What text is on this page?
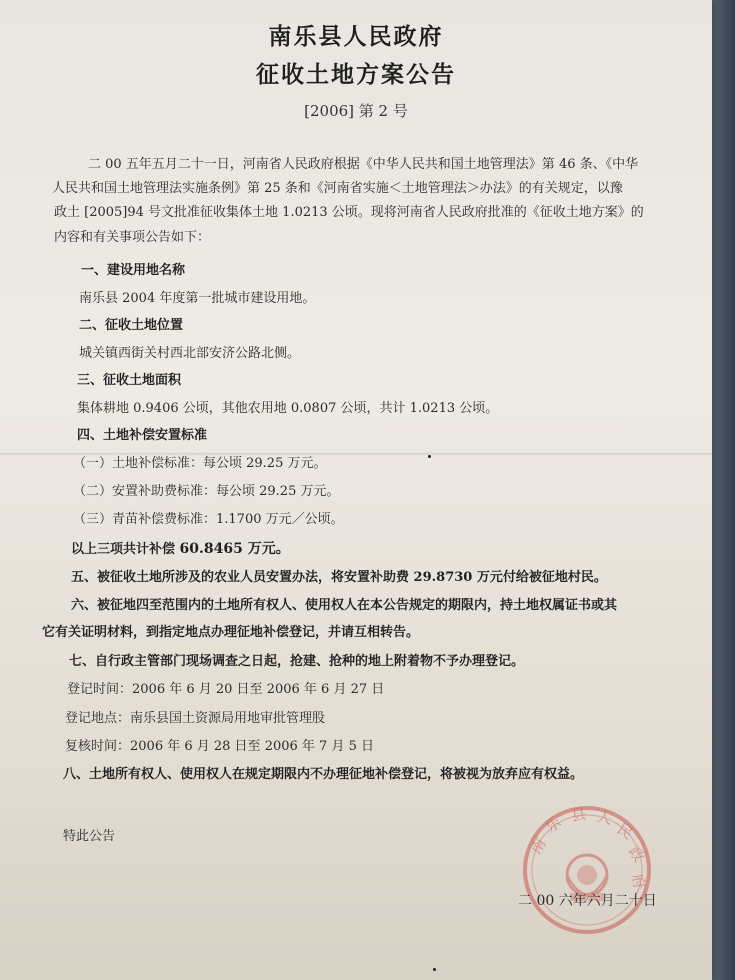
南乐县人民政府
征收土地方案公告
[2006] 第 2 号
二 00 五年五月二十一日，河南省人民政府根据《中华人民共和国土地管理法》第 46 条、《中华
人民共和国土地管理法实施条例》第 25 条和《河南省实施＜土地管理法＞办法》的有关规定，以豫
政土 [2005]94 号文批准征收集体土地 1.0213 公顷。现将河南省人民政府批准的《征收土地方案》的
内容和有关事项公告如下：
一、建设用地名称
南乐县 2004 年度第一批城市建设用地。
二、征收土地位置
城关镇西街关村西北部安济公路北侧。
三、征收土地面积
集体耕地 0.9406 公顷，其他农用地 0.0807 公顷，共计 1.0213 公顷。
四、土地补偿安置标准
（一）土地补偿标准：每公顷 29.25 万元。
（二）安置补助费标准：每公顷 29.25 万元。
（三）青苗补偿费标准：1.1700 万元／公顷。
以上三项共计补偿 60.8465 万元。
五、被征收土地所涉及的农业人员安置办法，将安置补助费 29.8730 万元付给被征地村民。
六、被征地四至范围内的土地所有权人、使用权人在本公告规定的期限内，持土地权属证书或其
它有关证明材料，到指定地点办理征地补偿登记，并请互相转告。
七、自行政主管部门现场调查之日起，抢建、抢种的地上附着物不予办理登记。
登记时间：2006 年 6 月 20 日至 2006 年 6 月 27 日
登记地点：南乐县国土资源局用地审批管理股
复核时间：2006 年 6 月 28 日至 2006 年 7 月 5 日
八、土地所有权人、使用权人在规定期限内不办理征地补偿登记，将被视为放弃应有权益。
特此公告	南
乐 县 人
民
政
府
二 00 六年六月二十日
